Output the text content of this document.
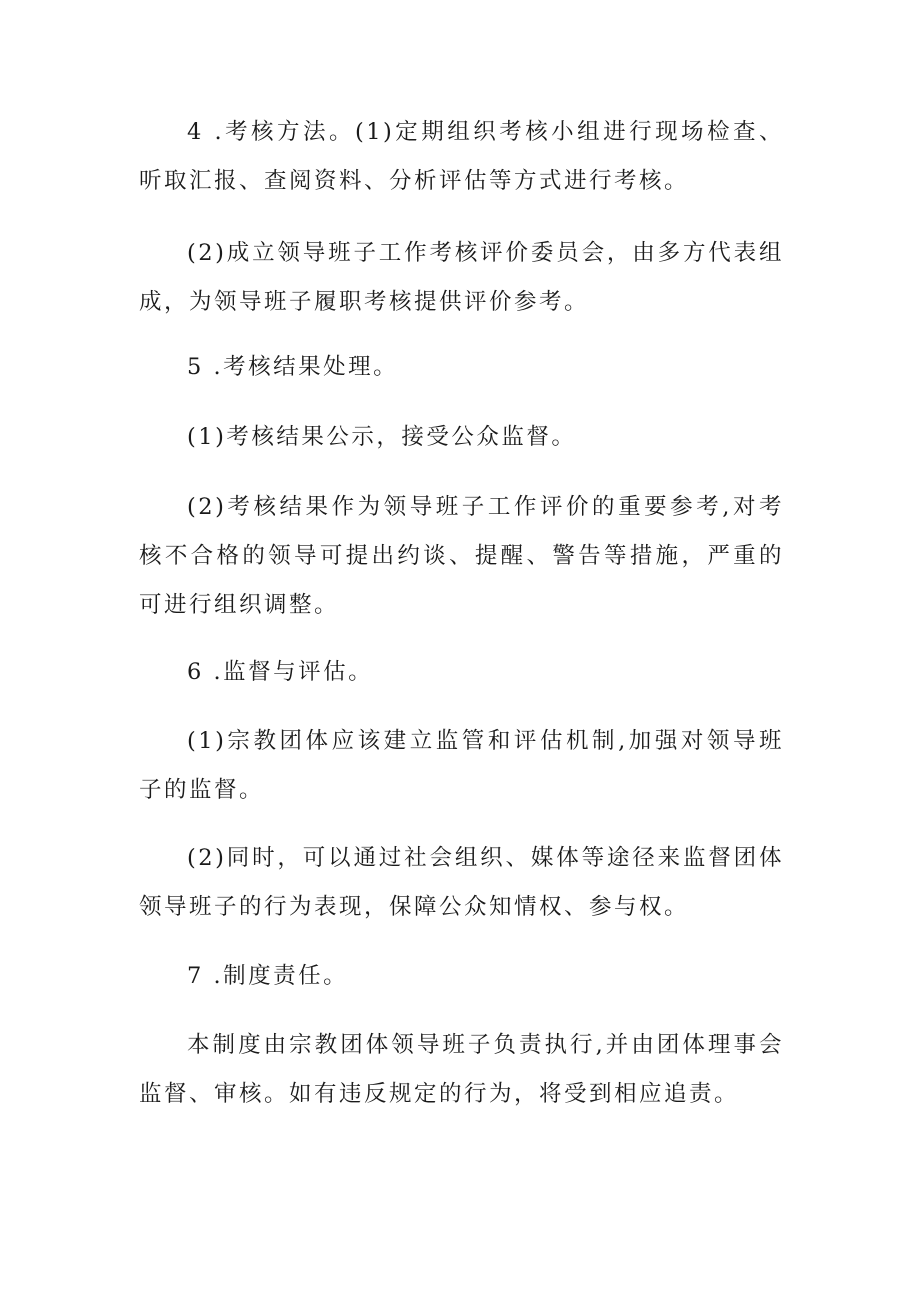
4 .考核方法。(1)定期组织考核小组进行现场检查、听取汇报、查阅资料、分析评估等方式进行考核。

(2)成立领导班子工作考核评价委员会，由多方代表组成，为领导班子履职考核提供评价参考。

5 .考核结果处理。

(1)考核结果公示，接受公众监督。

(2)考核结果作为领导班子工作评价的重要参考,对考核不合格的领导可提出约谈、提醒、警告等措施，严重的可进行组织调整。

6 .监督与评估。

(1)宗教团体应该建立监管和评估机制,加强对领导班子的监督。

(2)同时，可以通过社会组织、媒体等途径来监督团体领导班子的行为表现，保障公众知情权、参与权。

7 .制度责任。

本制度由宗教团体领导班子负责执行,并由团体理事会监督、审核。如有违反规定的行为，将受到相应追责。
